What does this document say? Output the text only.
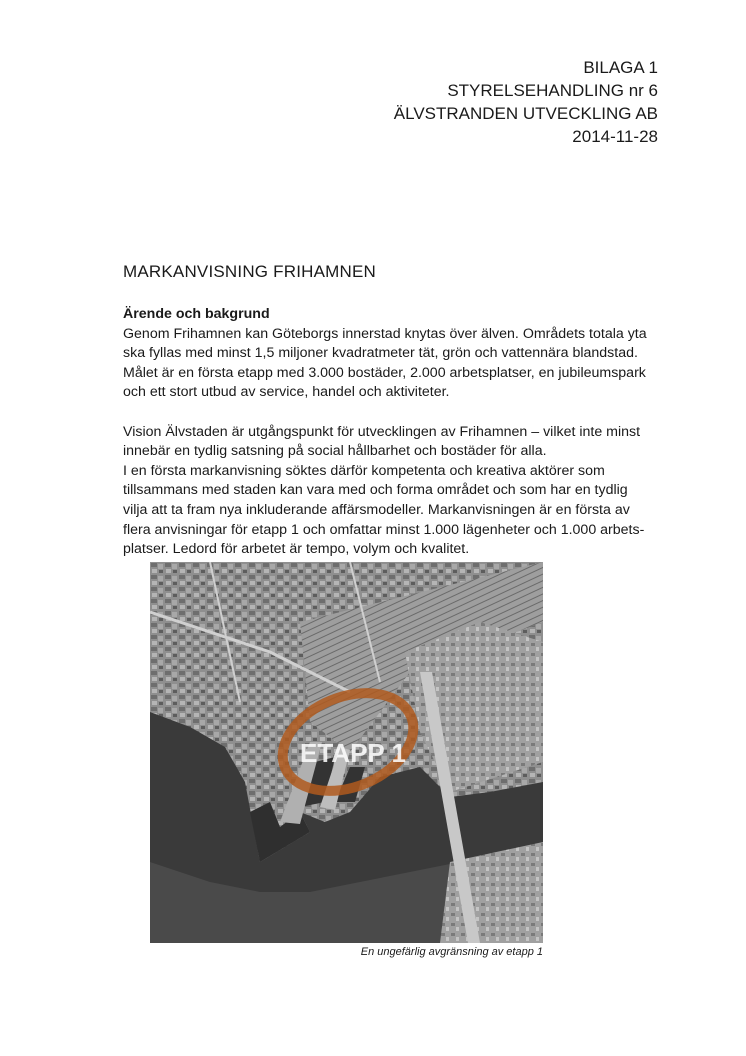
BILAGA 1
STYRELSEHANDLING nr 6
ÄLVSTRANDEN UTVECKLING AB
2014-11-28
MARKANVISNING FRIHAMNEN

Ärende och bakgrund

Genom Frihamnen kan Göteborgs innerstad knytas över älven. Områdets totala yta

ska fyllas med minst 1,5 miljoner kvadratmeter tät, grön och vattennära blandstad.

Målet är en första etapp med 3.000 bostäder, 2.000 arbetsplatser, en jubileumspark

och ett stort utbud av service, handel och aktiviteter.

Vision Älvstaden är utgångspunkt för utvecklingen av Frihamnen – vilket inte minst

innebär en tydlig satsning på social hållbarhet och bostäder för alla.

I en första markanvisning söktes därför kompetenta och kreativa aktörer som

tillsammans med staden kan vara med och forma området och som har en tydlig

vilja att ta fram nya inkluderande affärsmodeller. Markanvisningen är en första av

flera anvisningar för etapp 1 och omfattar minst 1.000 lägenheter och 1.000 arbets-

platser. Ledord för arbetet är tempo, volym och kvalitet.

ETAPP 1
En ungefärlig avgränsning av etapp 1
